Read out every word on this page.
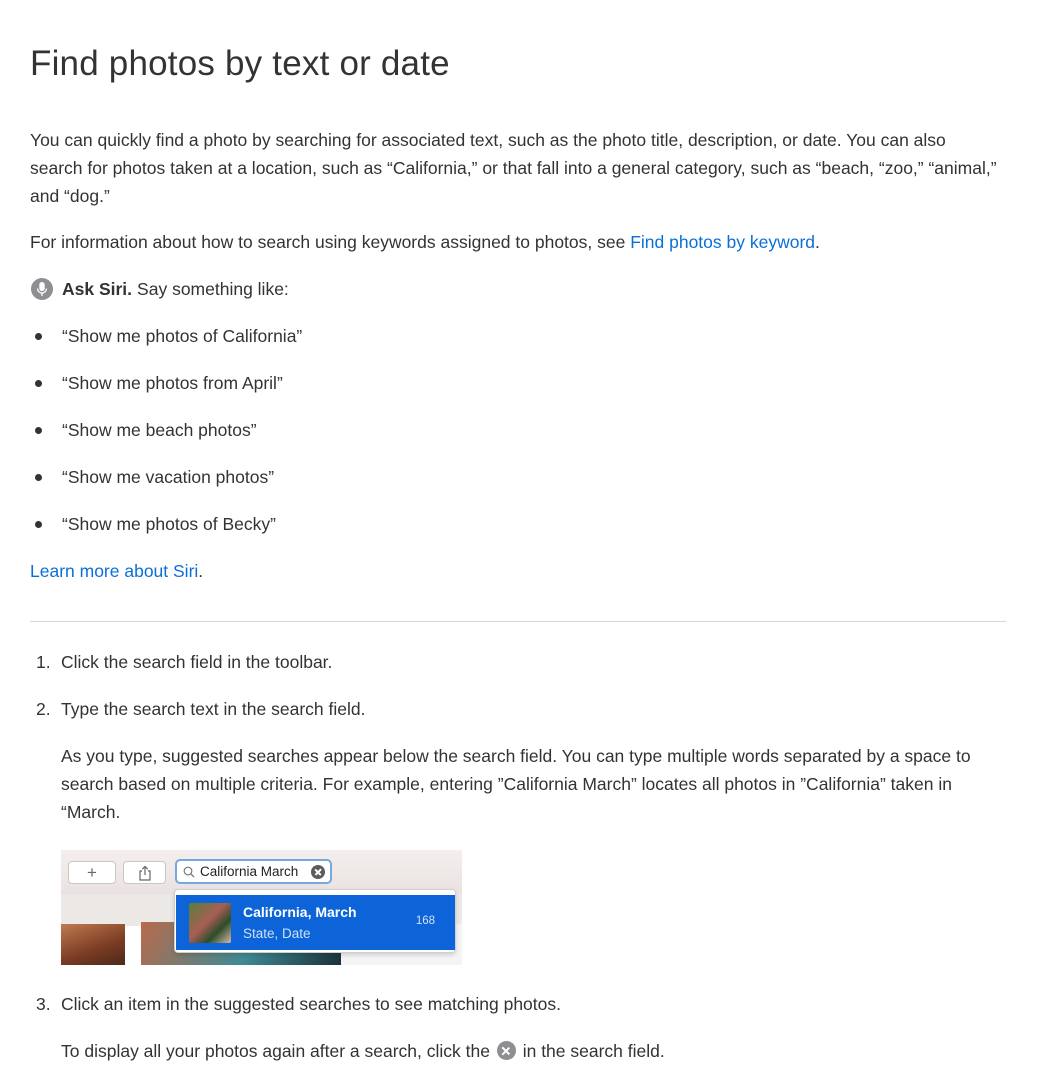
Find photos by text or date

You can quickly find a photo by searching for associated text, such as the photo title, description, or date. You can also search for photos taken at a location, such as “California,” or that fall into a general category, such as “beach, “zoo,” “animal,” and “dog.”

For information about how to search using keywords assigned to photos, see Find photos by keyword.

Ask Siri. Say something like:
“Show me photos of California”
“Show me photos from April”
“Show me beach photos”
“Show me vacation photos”
“Show me photos of Becky”

Learn more about Siri.

1. Click the search field in the toolbar.
2. Type the search text in the search field.

As you type, suggested searches appear below the search field. You can type multiple words separated by a space to search based on multiple criteria. For example, entering ”California March” locates all photos in ”California” taken in “March.

+	California March
California, March
State, Date
168
3. Click an item in the suggested searches to see matching photos.

To display all your photos again after a search, click the  in the search field.
